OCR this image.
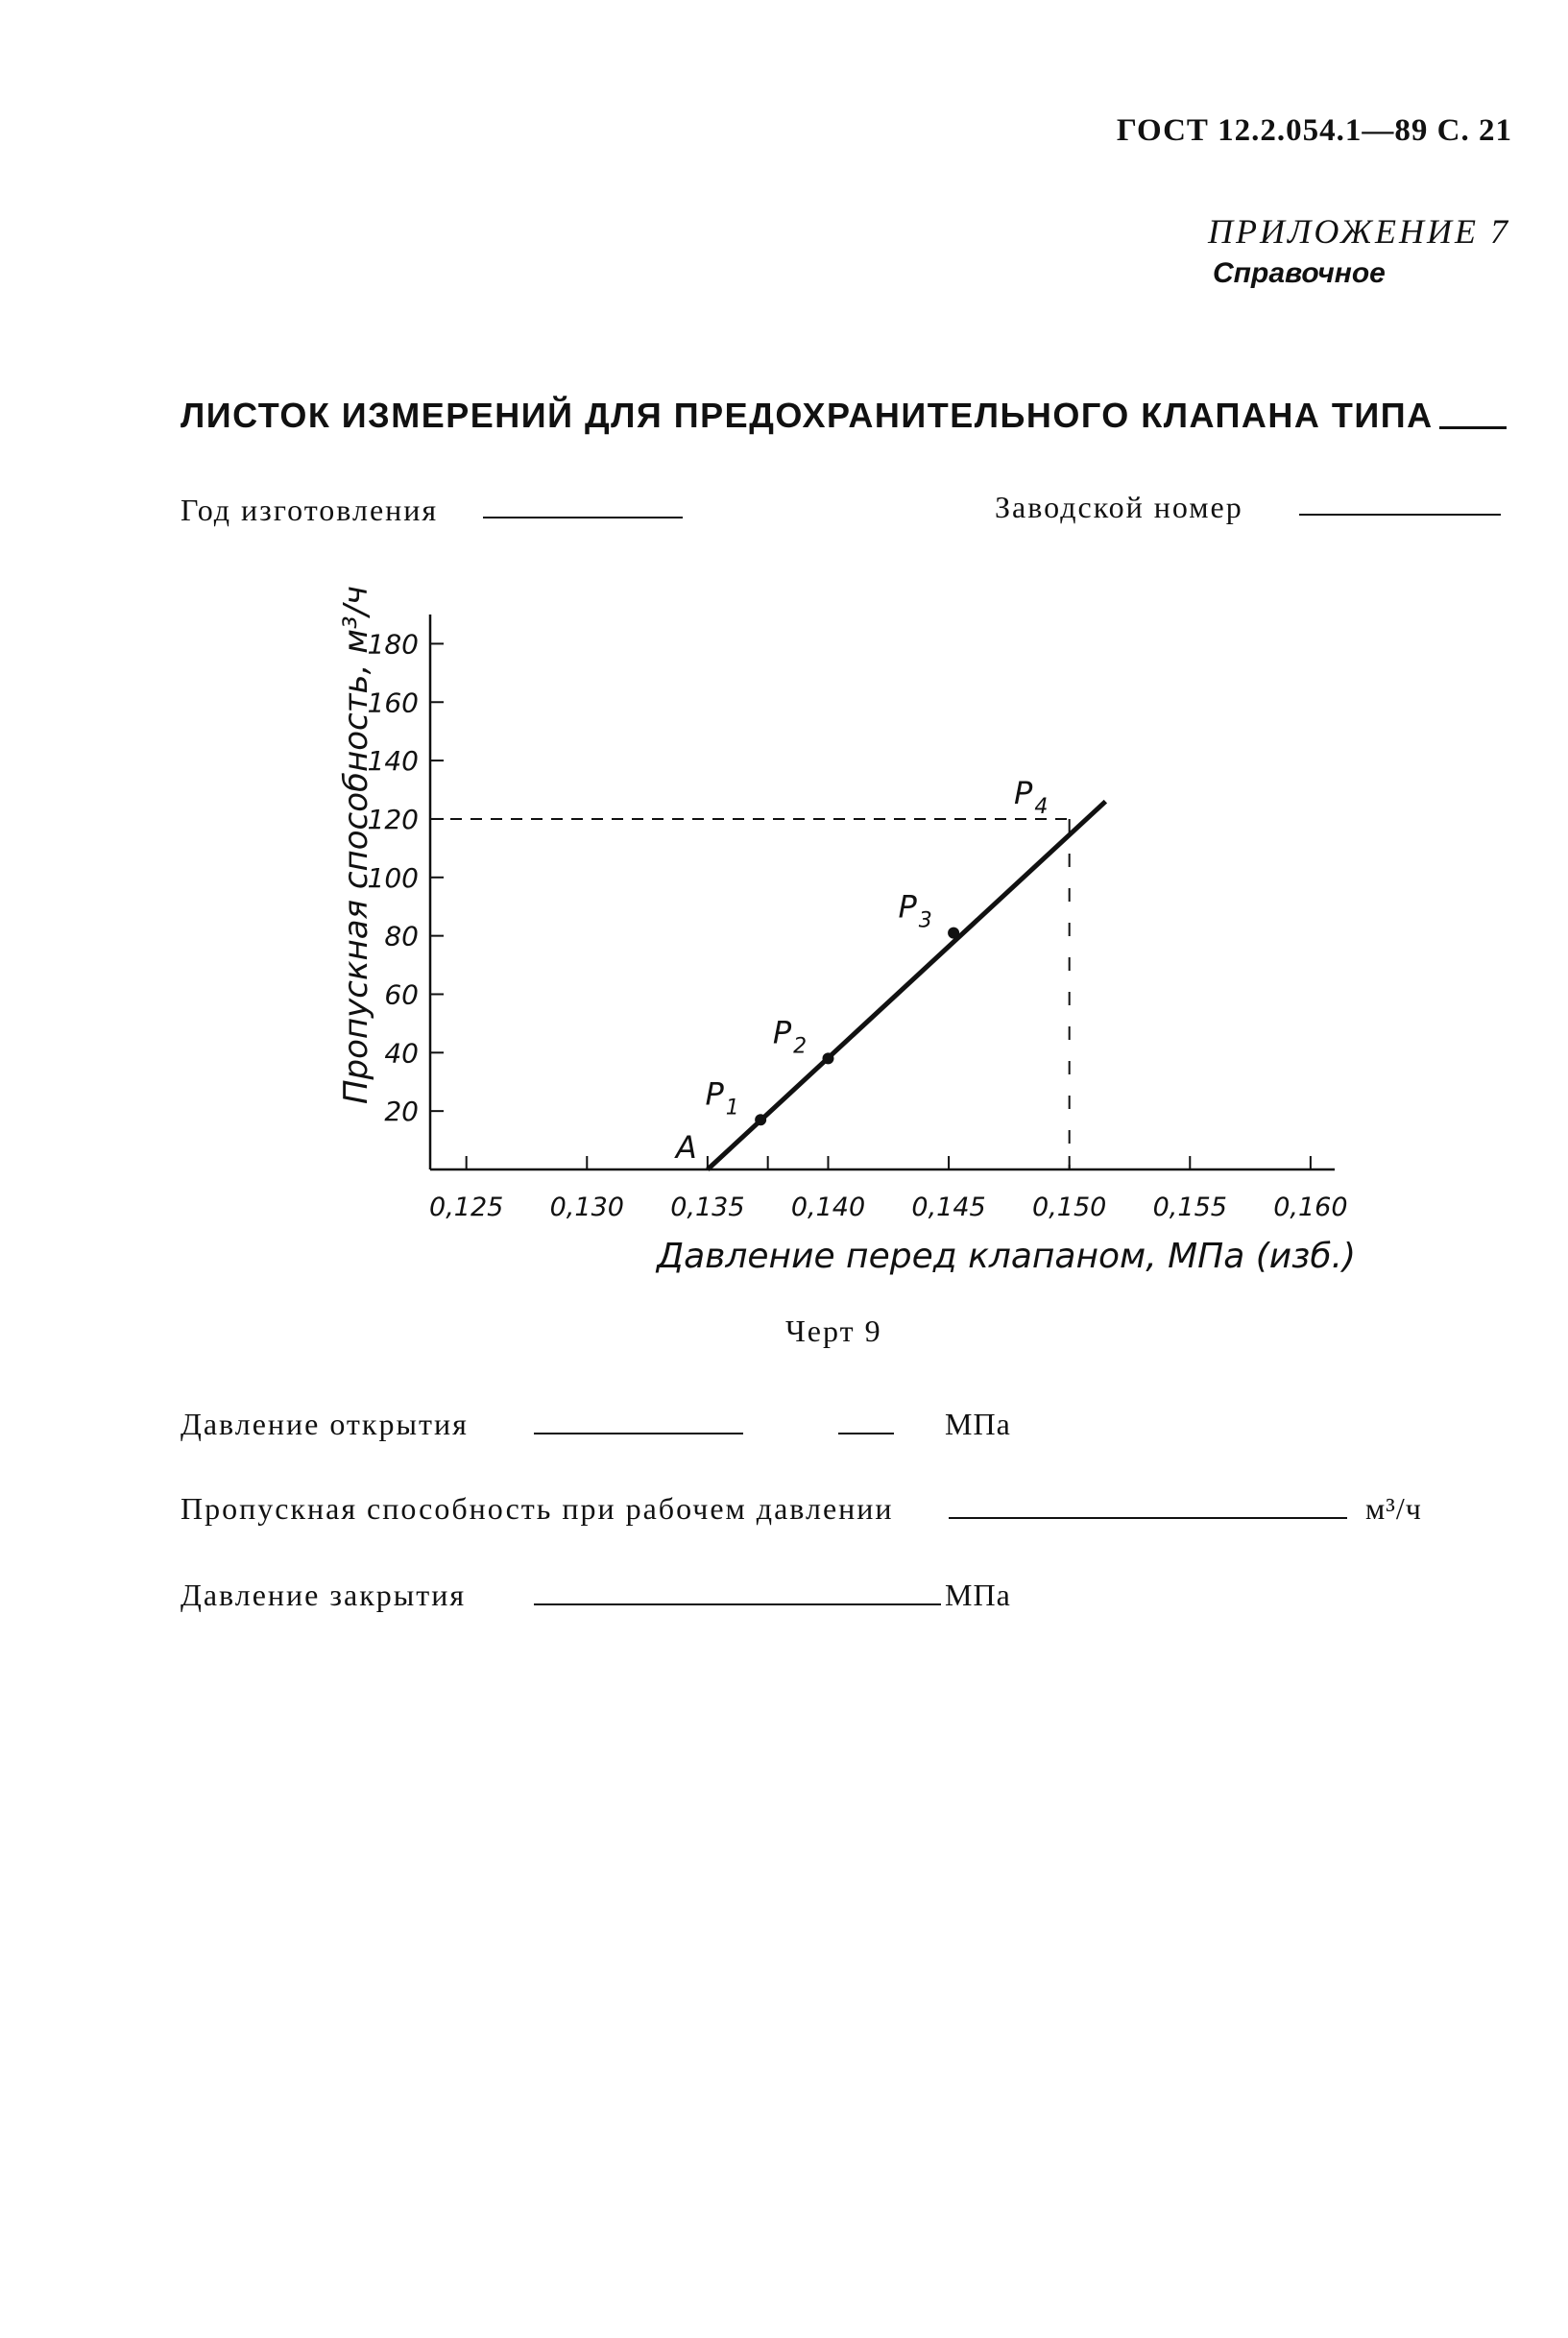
ГОСТ 12.2.054.1—89 С. 21
ПРИЛОЖЕНИЕ 7
Справочное
ЛИСТОК ИЗМЕРЕНИЙ ДЛЯ ПРЕДОХРАНИТЕЛЬНОГО КЛАПАНА ТИПА
Год изготовления	Заводской номер
20
40
60
80
100
120
140
160
180
0,125 0,130 0,135 0,140 0,145 0,150 0,155 0,160
A
$P_1$
$P_2$
$P_3$
$P_4$
Давление перед клапаном, МПа (изб.)
Пропускная способность, м³/ч
Черт 9
Давление открытия	МПа
Пропускная способность при рабочем давлении	м³/ч
Давление закрытия	МПа
